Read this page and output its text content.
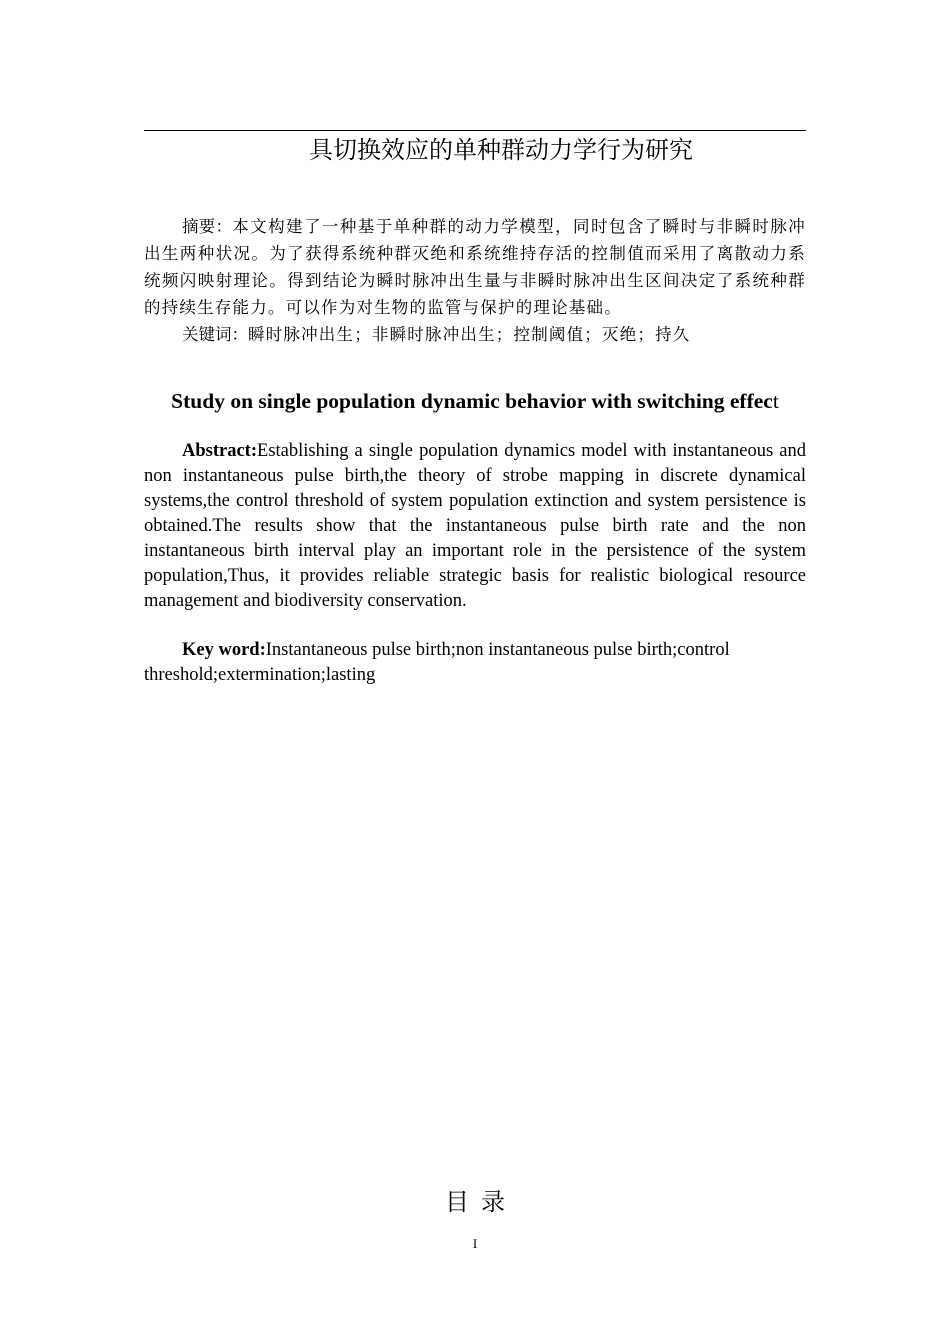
具切换效应的单种群动力学行为研究

摘要：本文构建了一种基于单种群的动力学模型，同时包含了瞬时与非瞬时脉冲出生两种状况。为了获得系统种群灭绝和系统维持存活的控制值而采用了离散动力系统频闪映射理论。得到结论为瞬时脉冲出生量与非瞬时脉冲出生区间决定了系统种群的持续生存能力。可以作为对生物的监管与保护的理论基础。

关键词：瞬时脉冲出生；非瞬时脉冲出生；控制阈值；灭绝；持久

Study on single population dynamic behavior with switching effect

Abstract:Establishing a single population dynamics model with instantaneous and non instantaneous pulse birth,the theory of strobe mapping in discrete dynamical systems,the control threshold of system population extinction and system persistence is obtained.The results show that the instantaneous pulse birth rate and the non instantaneous birth interval play an important role in the persistence of the system population,Thus, it provides reliable strategic basis for realistic biological resource management and biodiversity conservation.

Key word:Instantaneous pulse birth;non instantaneous pulse birth;control threshold;extermination;lasting

目录
I
